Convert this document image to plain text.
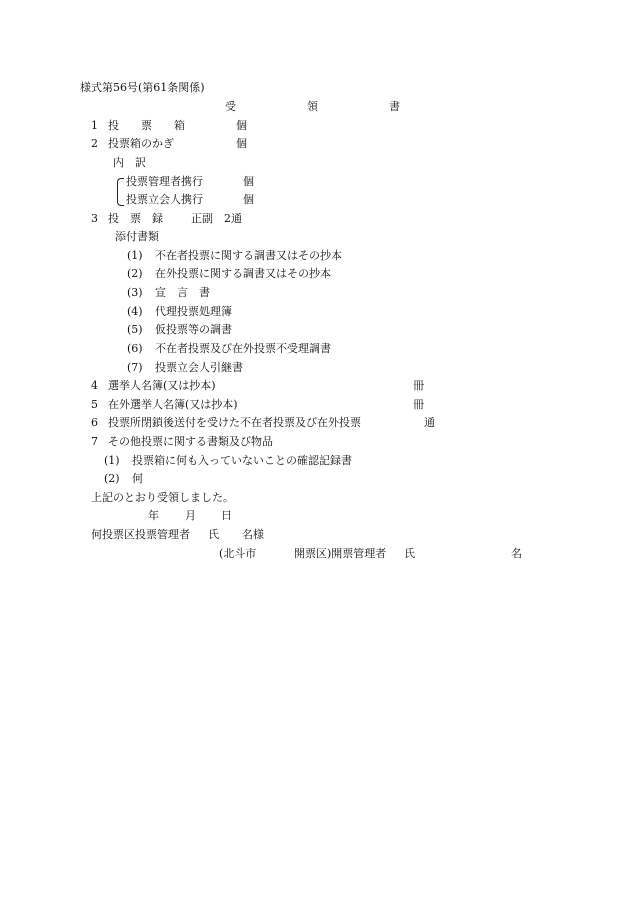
様式第56号(第61条関係)
受	領	書
1 投　　票　　箱	個
2 投票箱のかぎ	個
内　訳
投票管理者携行	個
投票立会人携行	個
3 投　票　録	正副　2通
添付書類
(1) 不在者投票に関する調書又はその抄本
(2) 在外投票に関する調書又はその抄本
(3) 宣　言　書
(4) 代理投票処理簿
(5) 仮投票等の調書
(6) 不在者投票及び在外投票不受理調書
(7) 投票立会人引継書
4 選挙人名簿(又は抄本)	冊
5 在外選挙人名簿(又は抄本)	冊
6 投票所閉鎖後送付を受けた不在者投票及び在外投票	通
7 その他投票に関する書類及び物品
(1) 投票箱に何も入っていないことの確認記録書
(2) 何
上記のとおり受領しました。
年 月 日
何投票区投票管理者 氏 名様
(北斗市	開票区)開票管理者 氏	名
